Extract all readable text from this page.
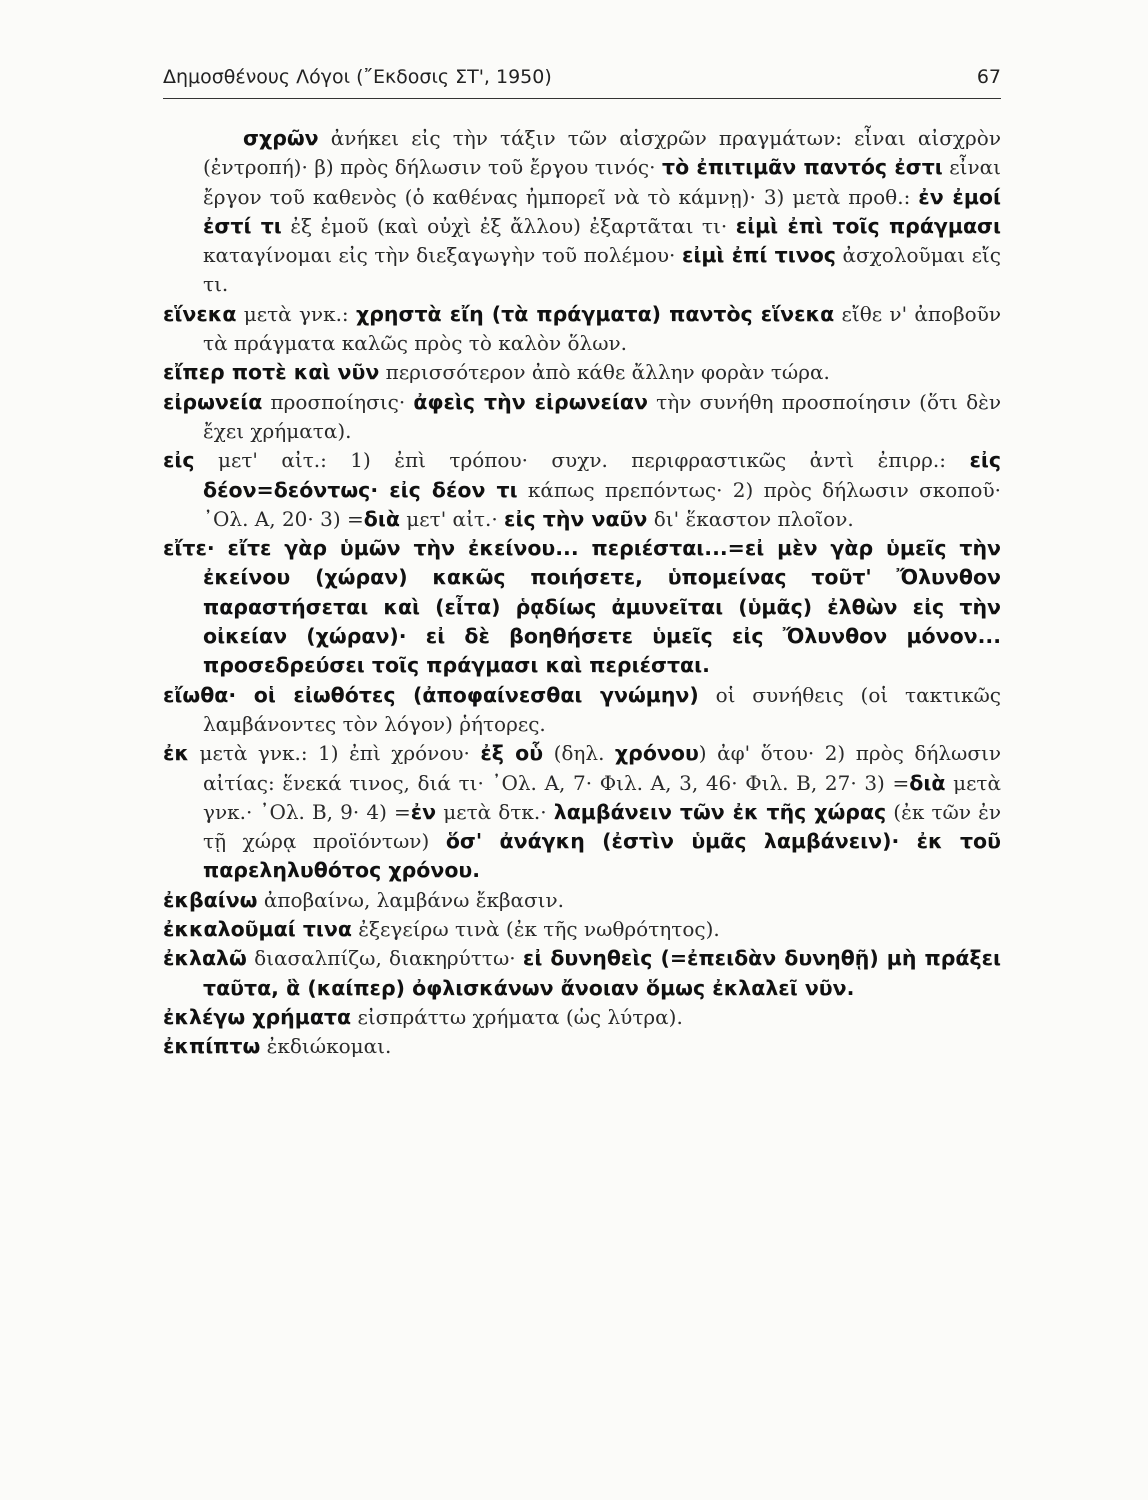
Δημοσθένους Λόγοι (῎Εκδοσις ΣΤ', 1950)	67

σχρῶν ἀνήκει εἰς τὴν τάξιν τῶν αἰσχρῶν πραγμάτων: εἶναι αἰσχρὸν (ἐντροπή)· β) πρὸς δήλωσιν τοῦ ἔργου τινός· τὸ ἐπιτιμᾶν παντός ἐστι εἶναι ἔργον τοῦ καθενὸς (ὁ καθένας ἠμπορεῖ νὰ τὸ κάμνῃ)· 3) μετὰ προθ.: ἐν ἐμοί ἐστί τι ἐξ ἐμοῦ (καὶ οὐχὶ ἐξ ἄλλου) ἐξαρτᾶται τι· εἰμὶ ἐπὶ τοῖς πράγμασι καταγίνομαι εἰς τὴν διεξαγωγὴν τοῦ πολέμου· εἰμὶ ἐπί τινος ἀσχολοῦμαι εἴς τι.

εἵνεκα μετὰ γνκ.: χρηστὰ εἴη (τὰ πράγματα) παντὸς εἵνεκα εἴθε ν' ἀποβοῦν τὰ πράγματα καλῶς πρὸς τὸ καλὸν ὅλων.

εἴπερ ποτὲ καὶ νῦν περισσότερον ἀπὸ κάθε ἄλλην φορὰν τώρα.

εἰρωνεία προσποίησις· ἀφεὶς τὴν εἰρωνείαν τὴν συνήθη προσποίησιν (ὅτι δὲν ἔχει χρήματα).

εἰς μετ' αἰτ.: 1) ἐπὶ τρόπου· συχν. περιφραστικῶς ἀντὶ ἐπιρρ.: εἰς δέον=δεόντως· εἰς δέον τι κάπως πρεπόντως· 2) πρὸς δήλωσιν σκοποῦ· ᾿Ολ. Α, 20· 3) =διὰ μετ' αἰτ.· εἰς τὴν ναῦν δι' ἕκαστον πλοῖον.

εἴτε· εἴτε γὰρ ὑμῶν τὴν ἐκείνου... περιέσται...=εἰ μὲν γὰρ ὑμεῖς τὴν ἐκείνου (χώραν) κακῶς ποιήσετε, ὑπομείνας τοῦτ' Ὄλυνθον παραστήσεται καὶ (εἶτα) ῥᾳδίως ἀμυνεῖται (ὑμᾶς) ἐλθὼν εἰς τὴν οἰκείαν (χώραν)· εἰ δὲ βοηθήσετε ὑμεῖς εἰς Ὄλυνθον μόνον... προσεδρεύσει τοῖς πράγμασι καὶ περιέσται.

εἴωθα· οἱ εἰωθότες (ἀποφαίνεσθαι γνώμην) οἱ συνήθεις (οἱ τακτικῶς λαμβάνοντες τὸν λόγον) ῥήτορες.

ἐκ μετὰ γνκ.: 1) ἐπὶ χρόνου· ἐξ οὗ (δηλ. χρόνου) ἀφ' ὅτου· 2) πρὸς δήλωσιν αἰτίας: ἕνεκά τινος, διά τι· ᾿Ολ. Α, 7· Φιλ. Α, 3, 46· Φιλ. Β, 27· 3) =διὰ μετὰ γνκ.· ᾿Ολ. Β, 9· 4) =ἐν μετὰ δτκ.· λαμβάνειν τῶν ἐκ τῆς χώρας (ἐκ τῶν ἐν τῇ χώρᾳ προϊόντων) ὅσ' ἀνάγκη (ἐστὶν ὑμᾶς λαμβάνειν)· ἐκ τοῦ παρεληλυθότος χρόνου.

ἐκβαίνω ἀποβαίνω, λαμβάνω ἔκβασιν.

ἐκκαλοῦμαί τινα ἐξεγείρω τινὰ (ἐκ τῆς νωθρότητος).

ἐκλαλῶ διασαλπίζω, διακηρύττω· εἰ δυνηθεὶς (=ἐπειδὰν δυνηθῇ) μὴ πράξει ταῦτα, ἃ (καίπερ) ὀφλισκάνων ἄνοιαν ὅμως ἐκλαλεῖ νῦν.

ἐκλέγω χρήματα εἰσπράττω χρήματα (ὡς λύτρα).

ἐκπίπτω ἐκδιώκομαι.
